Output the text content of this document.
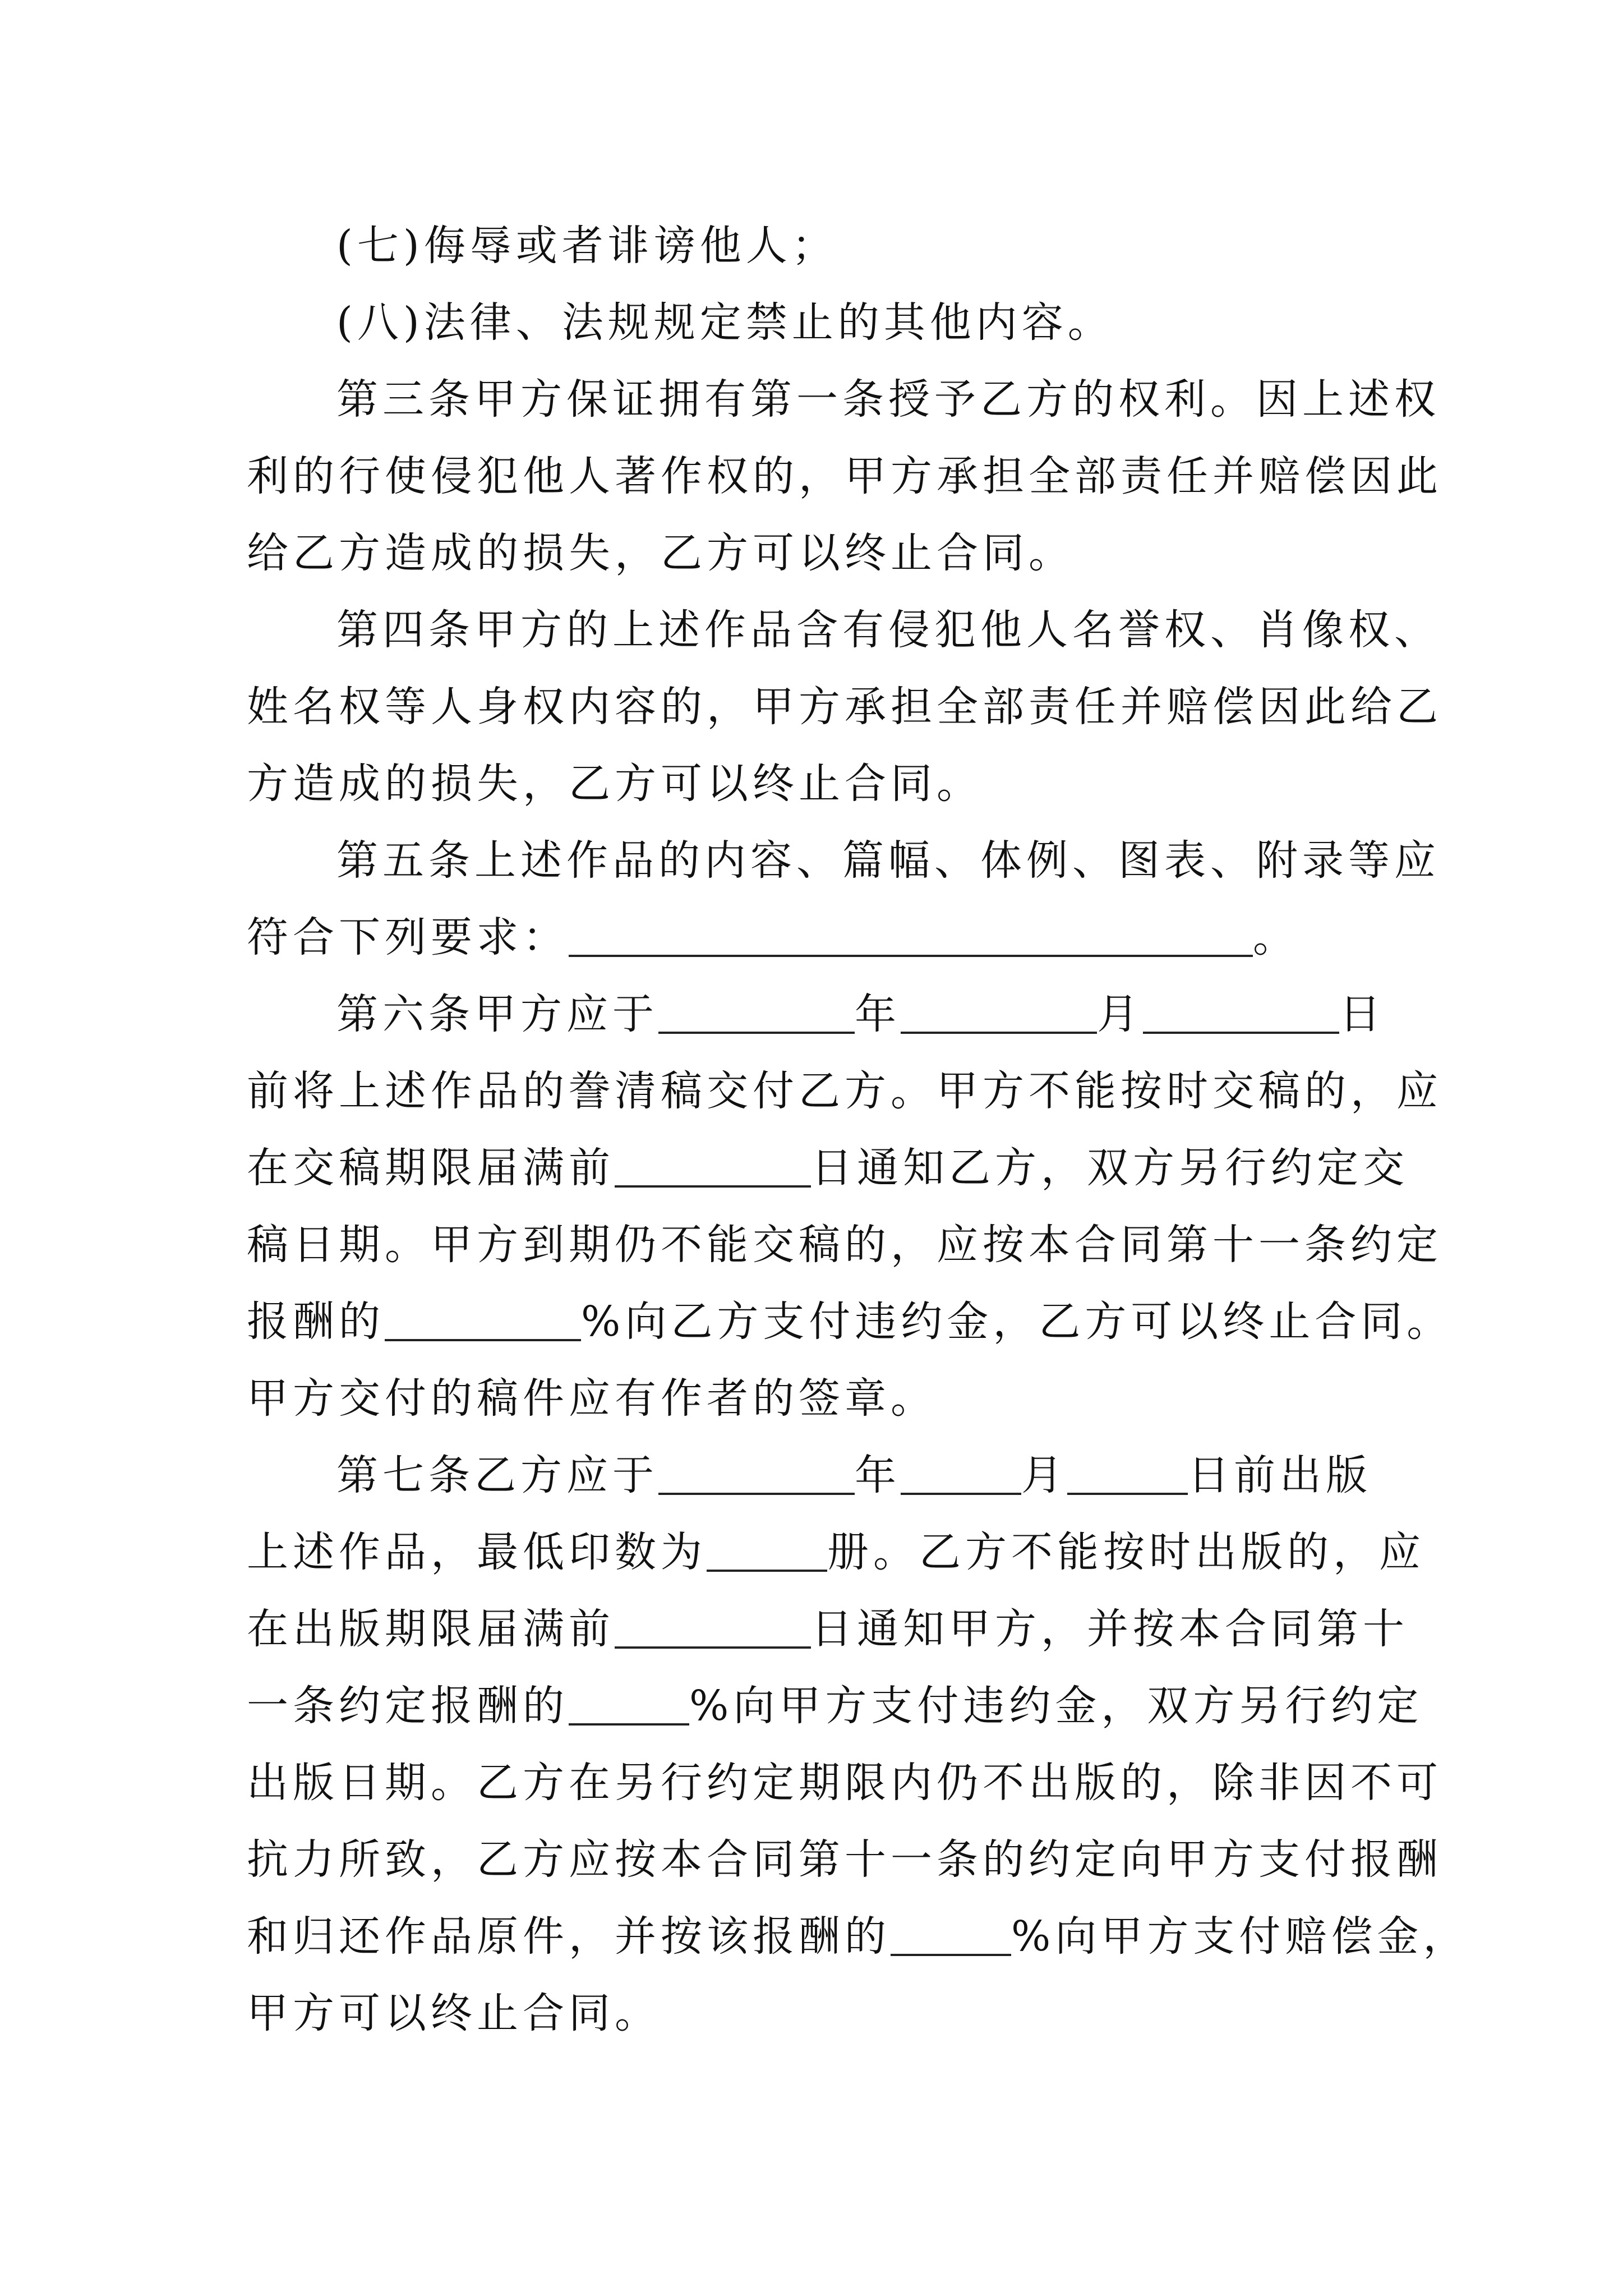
(七)侮辱或者诽谤他人；
(八)法律、法规规定禁止的其他内容。
第三条甲方保证拥有第一条授予乙方的权利。因上述权
利的行使侵犯他人著作权的，甲方承担全部责任并赔偿因此
给乙方造成的损失，乙方可以终止合同。
第四条甲方的上述作品含有侵犯他人名誉权、肖像权、
姓名权等人身权内容的，甲方承担全部责任并赔偿因此给乙
方造成的损失，乙方可以终止合同。
第五条上述作品的内容、篇幅、体例、图表、附录等应
符合下列要求：	。
第六条甲方应于	年	月	日
前将上述作品的誊清稿交付乙方。甲方不能按时交稿的，应
在交稿期限届满前	日通知乙方，双方另行约定交
稿日期。甲方到期仍不能交稿的，应按本合同第十一条约定
报酬的	%向乙方支付违约金，乙方可以终止合同。
甲方交付的稿件应有作者的签章。
第七条乙方应于	年	月	日前出版
上述作品，最低印数为	册。乙方不能按时出版的，应
在出版期限届满前	日通知甲方，并按本合同第十
一条约定报酬的	%向甲方支付违约金，双方另行约定
出版日期。乙方在另行约定期限内仍不出版的，除非因不可
抗力所致，乙方应按本合同第十一条的约定向甲方支付报酬
和归还作品原件，并按该报酬的	%向甲方支付赔偿金，
甲方可以终止合同。
